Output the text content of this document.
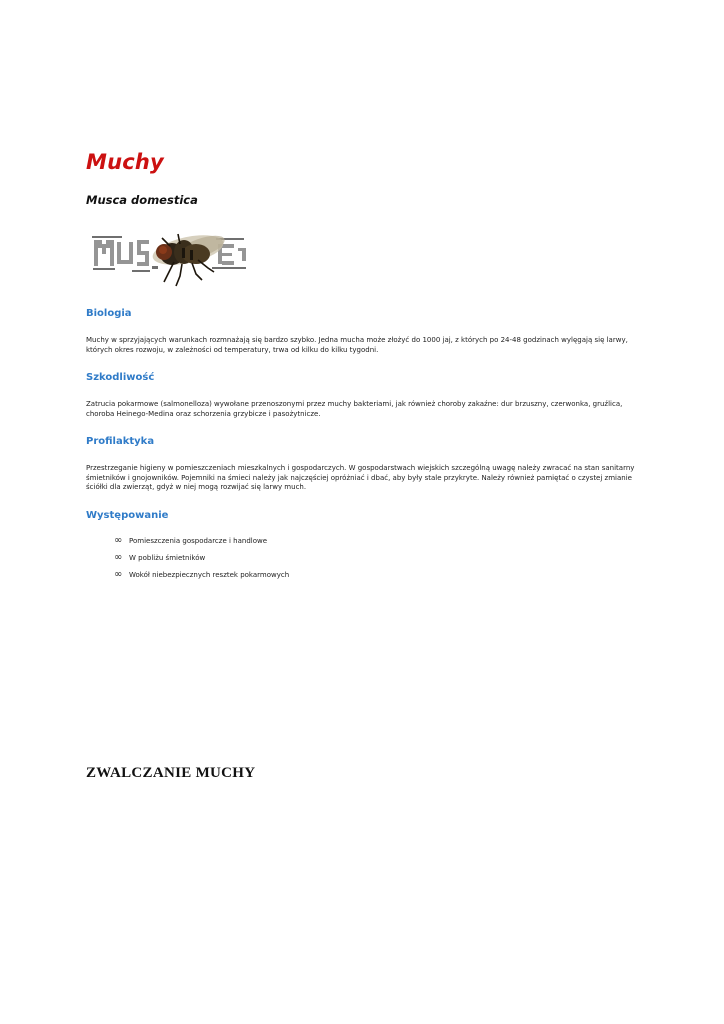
Muchy
Musca domestica
Biologia

Muchy w sprzyjających warunkach rozmnażają się bardzo szybko. Jedna mucha może złożyć do 1000 jaj, z których po 24-48 godzinach wylęgają się larwy, których okres rozwoju, w zależności od temperatury, trwa od kilku do kilku tygodni.

Szkodliwość

Zatrucia pokarmowe (salmonelloza) wywołane przenoszonymi przez muchy bakteriami, jak również choroby zakaźne: dur brzuszny, czerwonka, gruźlica, choroba Heinego-Medina oraz schorzenia grzybicze i pasożytnicze.

Profilaktyka

Przestrzeganie higieny w pomieszczeniach mieszkalnych i gospodarczych. W gospodarstwach wiejskich szczególną uwagę należy zwracać na stan sanitarny śmietników i gnojowników. Pojemniki na śmieci należy jak najczęściej opróżniać i dbać, aby były stale przykryte. Należy również pamiętać o czystej zmianie ściółki dla zwierząt, gdyż w niej mogą rozwijać się larwy much.

Występowanie
∞ Pomieszczenia gospodarcze i handlowe
∞ W pobliżu śmietników
∞ Wokół niebezpiecznych resztek pokarmowych
ZWALCZANIE MUCHY
